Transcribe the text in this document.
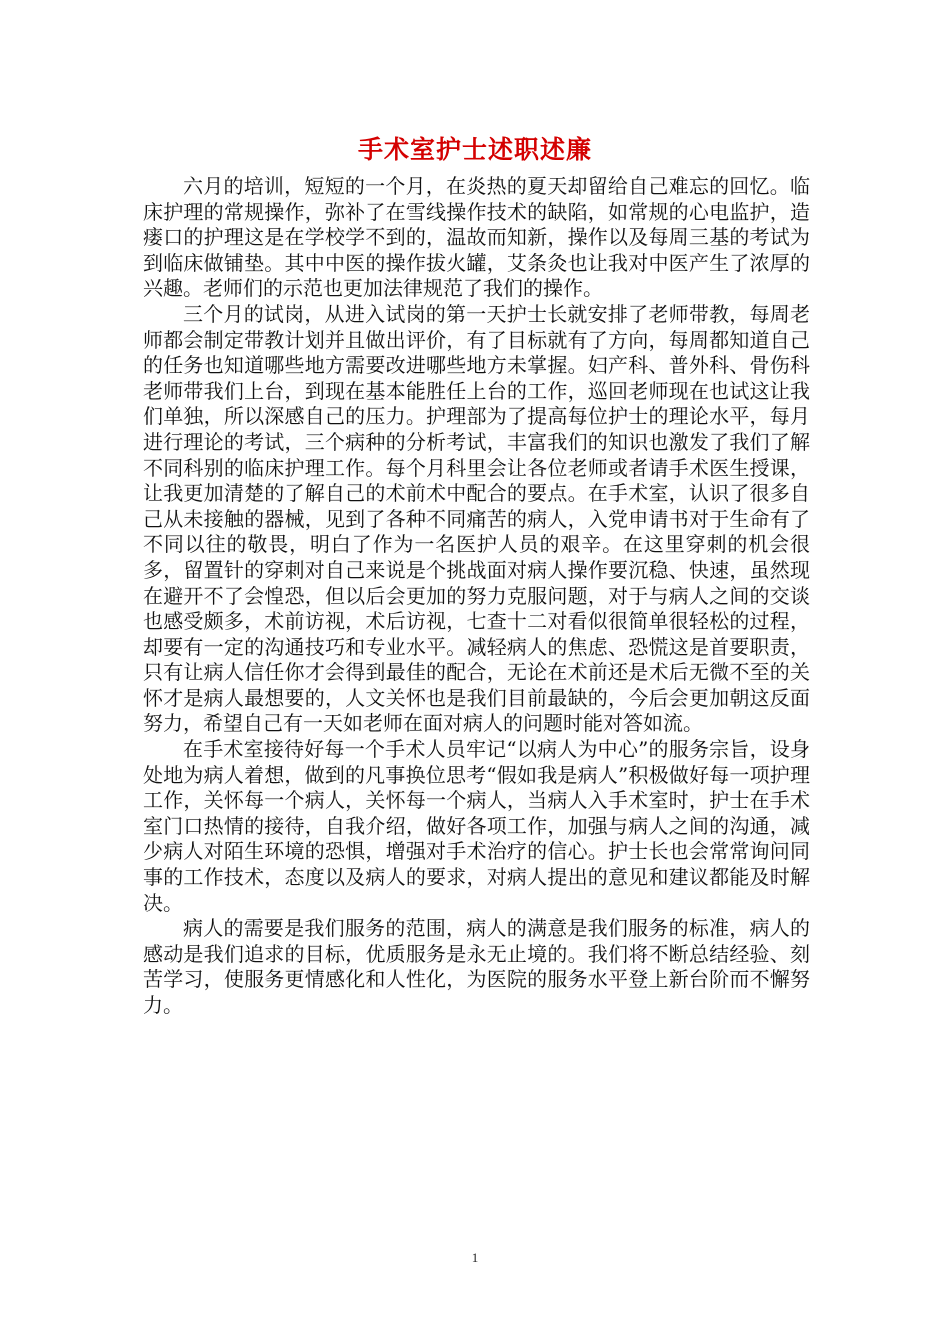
手术室护士述职述廉

六月的培训，短短的一个月，在炎热的夏天却留给自己难忘的回忆。临床护理的常规操作，弥补了在雪线操作技术的缺陷，如常规的心电监护，造瘘口的护理这是在学校学不到的，温故而知新，操作以及每周三基的考试为到临床做铺垫。其中中医的操作拔火罐，艾条灸也让我对中医产生了浓厚的兴趣。老师们的示范也更加法律规范了我们的操作。

三个月的试岗，从进入试岗的第一天护士长就安排了老师带教，每周老师都会制定带教计划并且做出评价，有了目标就有了方向，每周都知道自己的任务也知道哪些地方需要改进哪些地方未掌握。妇产科、普外科、骨伤科老师带我们上台，到现在基本能胜任上台的工作，巡回老师现在也试这让我们单独，所以深感自己的压力。护理部为了提高每位护士的理论水平，每月进行理论的考试，三个病种的分析考试，丰富我们的知识也激发了我们了解不同科别的临床护理工作。每个月科里会让各位老师或者请手术医生授课，让我更加清楚的了解自己的术前术中配合的要点。在手术室，认识了很多自己从未接触的器械，见到了各种不同痛苦的病人，入党申请书对于生命有了不同以往的敬畏，明白了作为一名医护人员的艰辛。在这里穿刺的机会很多，留置针的穿刺对自己来说是个挑战面对病人操作要沉稳、快速，虽然现在避开不了会惶恐，但以后会更加的努力克服问题，对于与病人之间的交谈也感受颇多，术前访视，术后访视，七查十二对看似很简单很轻松的过程，却要有一定的沟通技巧和专业水平。减轻病人的焦虑、恐慌这是首要职责，只有让病人信任你才会得到最佳的配合，无论在术前还是术后无微不至的关怀才是病人最想要的，人文关怀也是我们目前最缺的，今后会更加朝这反面努力，希望自己有一天如老师在面对病人的问题时能对答如流。

在手术室接待好每一个手术人员牢记“以病人为中心”的服务宗旨，设身处地为病人着想，做到的凡事换位思考“假如我是病人”积极做好每一项护理工作，关怀每一个病人，关怀每一个病人，当病人入手术室时，护士在手术室门口热情的接待，自我介绍，做好各项工作，加强与病人之间的沟通，减少病人对陌生环境的恐惧，增强对手术治疗的信心。护士长也会常常询问同事的工作技术，态度以及病人的要求，对病人提出的意见和建议都能及时解决。

病人的需要是我们服务的范围，病人的满意是我们服务的标准，病人的感动是我们追求的目标，优质服务是永无止境的。我们将不断总结经验、刻苦学习，使服务更情感化和人性化，为医院的服务水平登上新台阶而不懈努力。

1
